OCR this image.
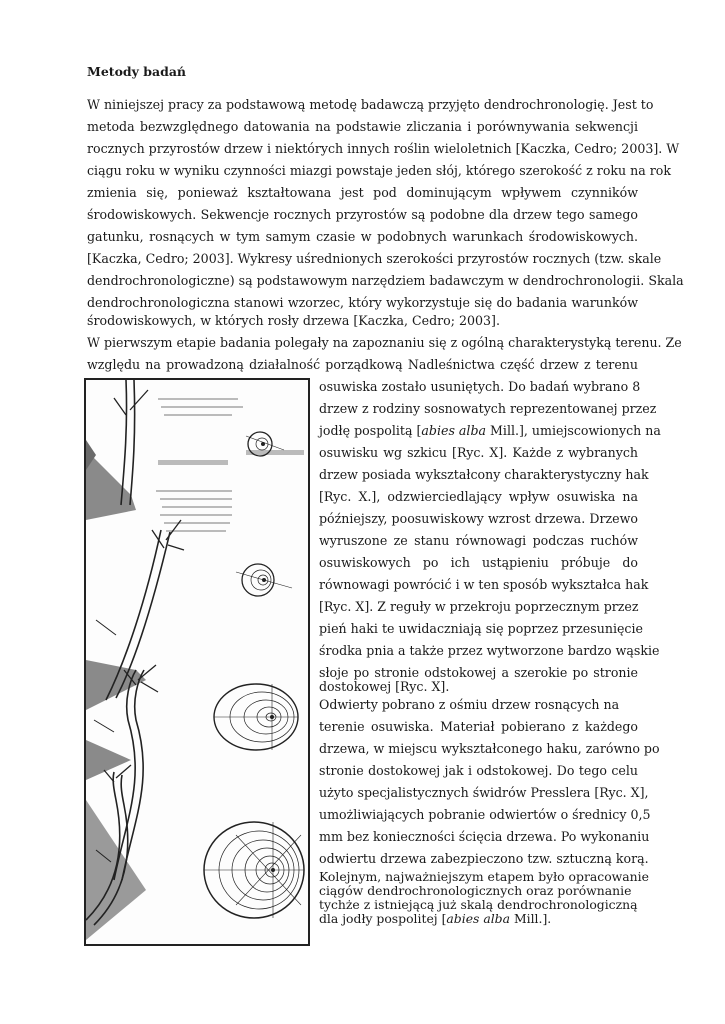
Metody badań
W niniejszej pracy za podstawową metodę badawczą przyjęto dendrochronologię. Jest to
metoda bezwzględnego datowania na podstawie zliczania i porównywania sekwencji
rocznych przyrostów drzew i niektórych innych roślin wieloletnich [Kaczka, Cedro; 2003]. W
ciągu roku w wyniku czynności miazgi powstaje jeden słój, którego szerokość z roku na rok
zmienia się, ponieważ kształtowana jest pod dominującym wpływem czynników
środowiskowych. Sekwencje rocznych przyrostów są podobne dla drzew tego samego
gatunku, rosnących w tym samym czasie w podobnych warunkach środowiskowych.
[Kaczka, Cedro; 2003]. Wykresy uśrednionych szerokości przyrostów rocznych (tzw. skale
dendrochronologiczne) są podstawowym narzędziem badawczym w dendrochronologii. Skala
dendrochronologiczna stanowi wzorzec, który wykorzystuje się do badania warunków
środowiskowych, w których rosły drzewa [Kaczka, Cedro; 2003].
W pierwszym etapie badania polegały na zapoznaniu się z ogólną charakterystyką terenu. Ze
względu na prowadzoną działalność porządkową Nadleśnictwa część drzew z terenu
osuwiska zostało usuniętych. Do badań wybrano 8
drzew z rodziny sosnowatych reprezentowanej przez
jodłę pospolitą [abies alba Mill.], umiejscowionych na
osuwisku wg szkicu [Ryc. X]. Każde z wybranych
drzew posiada wykształcony charakterystyczny hak
[Ryc. X.], odzwierciedlający wpływ osuwiska na
późniejszy, poosuwiskowy wzrost drzewa. Drzewo
wyruszone ze stanu równowagi podczas ruchów
osuwiskowych po ich ustąpieniu próbuje do
równowagi powrócić i w ten sposób wykształca hak
[Ryc. X]. Z reguły w przekroju poprzecznym przez
pień haki te uwidaczniają się poprzez przesunięcie
środka pnia a także przez wytworzone bardzo wąskie
słoje po stronie odstokowej a szerokie po stronie
dostokowej [Ryc. X].
Odwierty pobrano z ośmiu drzew rosnących na
terenie osuwiska. Materiał pobierano z każdego
drzewa, w miejscu wykształconego haku, zarówno po
stronie dostokowej jak i odstokowej. Do tego celu
użyto specjalistycznych świdrów Presslera [Ryc. X],
umożliwiających pobranie odwiertów o średnicy 0,5
mm bez konieczności ścięcia drzewa. Po wykonaniu
odwiertu drzewa zabezpieczono tzw. sztuczną korą.
Kolejnym, najważniejszym etapem było opracowanie
ciągów dendrochronologicznych oraz porównanie
tychże z istniejącą już skalą dendrochronologiczną
dla jodły pospolitej [abies alba Mill.].
